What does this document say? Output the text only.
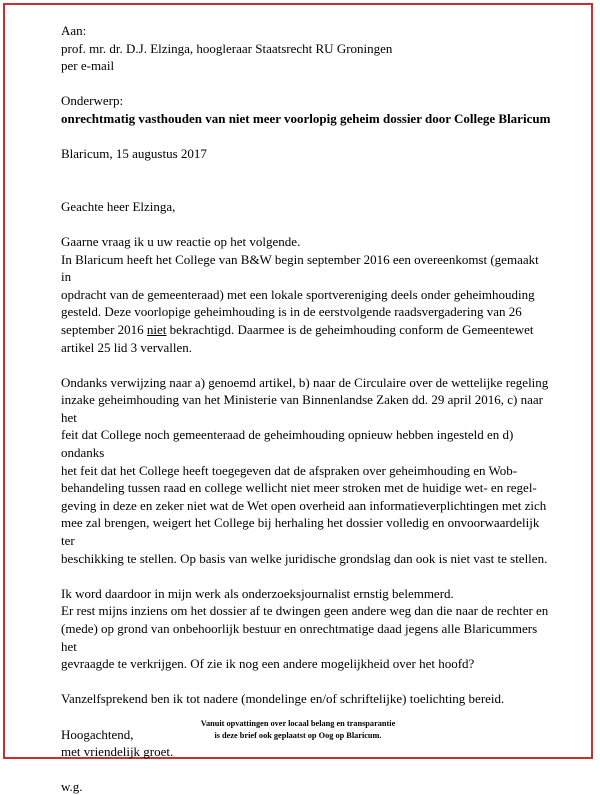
Aan:

prof. mr. dr. D.J. Elzinga, hoogleraar Staatsrecht RU Groningen

per e-mail

Onderwerp:

onrechtmatig vasthouden van niet meer voorlopig geheim dossier door College Blaricum

Blaricum, 15 augustus 2017

Geachte heer Elzinga,

Gaarne vraag ik u uw reactie op het volgende.

In Blaricum heeft het College van B&W begin september 2016 een overeenkomst (gemaakt in

opdracht van de gemeenteraad) met een lokale sportvereniging deels onder geheimhouding

gesteld. Deze voorlopige geheimhouding is in de eerstvolgende raadsvergadering van 26

september 2016 niet bekrachtigd. Daarmee is de geheimhouding conform de Gemeentewet

artikel 25 lid 3 vervallen.

Ondanks verwijzing naar a) genoemd artikel, b) naar de Circulaire over de wettelijke regeling

inzake geheimhouding van het Ministerie van Binnenlandse Zaken dd. 29 april 2016, c) naar het

feit dat College noch gemeenteraad de geheimhouding opnieuw hebben ingesteld en d) ondanks

het feit dat het College heeft toegegeven dat de afspraken over geheimhouding en Wob-

behandeling tussen raad en college wellicht niet meer stroken met de huidige wet- en regel-

geving in deze en zeker niet wat de Wet open overheid aan informatieverplichtingen met zich

mee zal brengen, weigert het College bij herhaling het dossier volledig en onvoorwaardelijk ter

beschikking te stellen. Op basis van welke juridische grondslag dan ook is niet vast te stellen.

Ik word daardoor in mijn werk als onderzoeksjournalist ernstig belemmerd.

Er rest mijns inziens om het dossier af te dwingen geen andere weg dan die naar de rechter en

(mede) op grond van onbehoorlijk bestuur en onrechtmatige daad jegens alle Blaricummers het

gevraagde te verkrijgen. Of zie ik nog een andere mogelijkheid over het hoofd?

Vanzelfsprekend ben ik tot nadere (mondelinge en/of schriftelijke) toelichting bereid.

Hoogachtend,

met vriendelijk groet.

w.g.

Vanuit opvattingen over locaal belang en transparantie
is deze brief ook geplaatst op Oog op Blaricum.
